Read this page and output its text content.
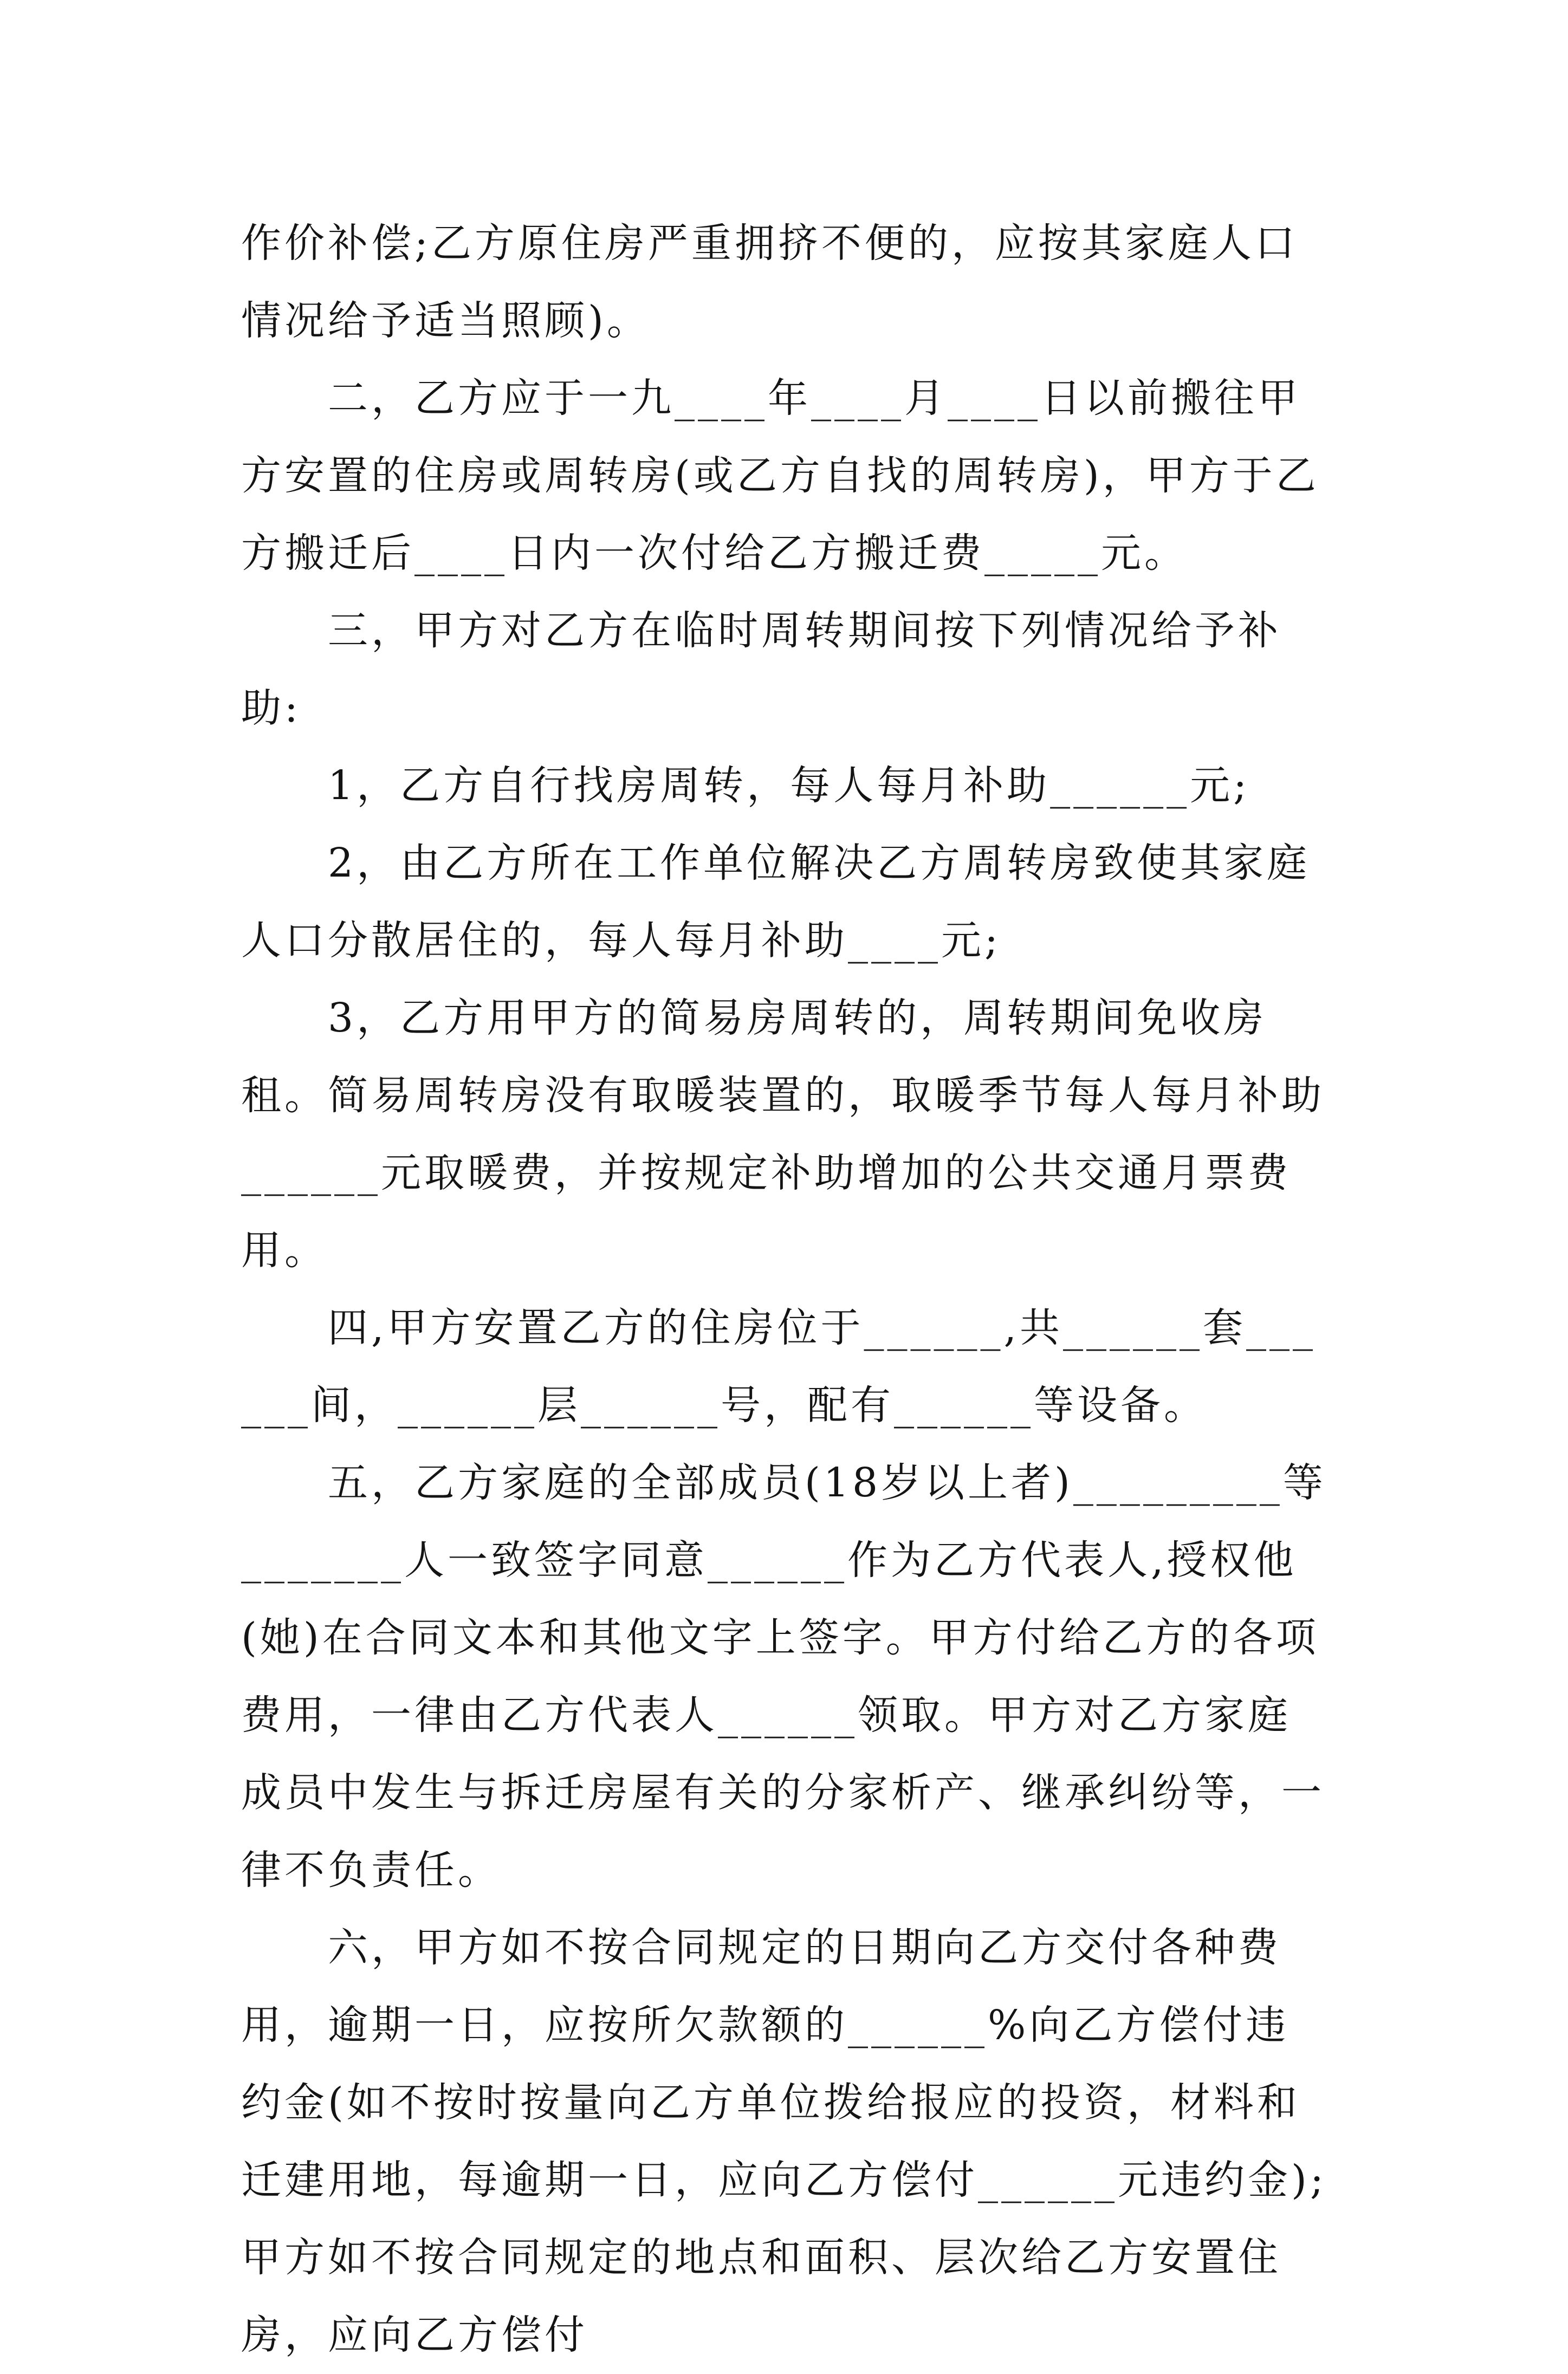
作价补偿;乙方原住房严重拥挤不便的，应按其家庭人口情况给予适当照顾)。

二，乙方应于一九____年____月____日以前搬往甲方安置的住房或周转房(或乙方自找的周转房)，甲方于乙方搬迁后____日内一次付给乙方搬迁费_____元。

三，甲方对乙方在临时周转期间按下列情况给予补助:

1，乙方自行找房周转，每人每月补助______元;

2，由乙方所在工作单位解决乙方周转房致使其家庭人口分散居住的，每人每月补助____元;

3，乙方用甲方的简易房周转的，周转期间免收房租。简易周转房没有取暖装置的，取暖季节每人每月补助______元取暖费，并按规定补助增加的公共交通月票费用。

四,甲方安置乙方的住房位于______,共______套______间，______层______号，配有______等设备。

五，乙方家庭的全部成员(18岁以上者)_________等_______人一致签字同意______作为乙方代表人,授权他(她)在合同文本和其他文字上签字。甲方付给乙方的各项费用，一律由乙方代表人______领取。甲方对乙方家庭成员中发生与拆迁房屋有关的分家析产、继承纠纷等，一律不负责任。

六，甲方如不按合同规定的日期向乙方交付各种费用，逾期一日，应按所欠款额的______%向乙方偿付违约金(如不按时按量向乙方单位拨给报应的投资，材料和迁建用地，每逾期一日，应向乙方偿付______元违约金);甲方如不按合同规定的地点和面积、层次给乙方安置住房，应向乙方偿付
